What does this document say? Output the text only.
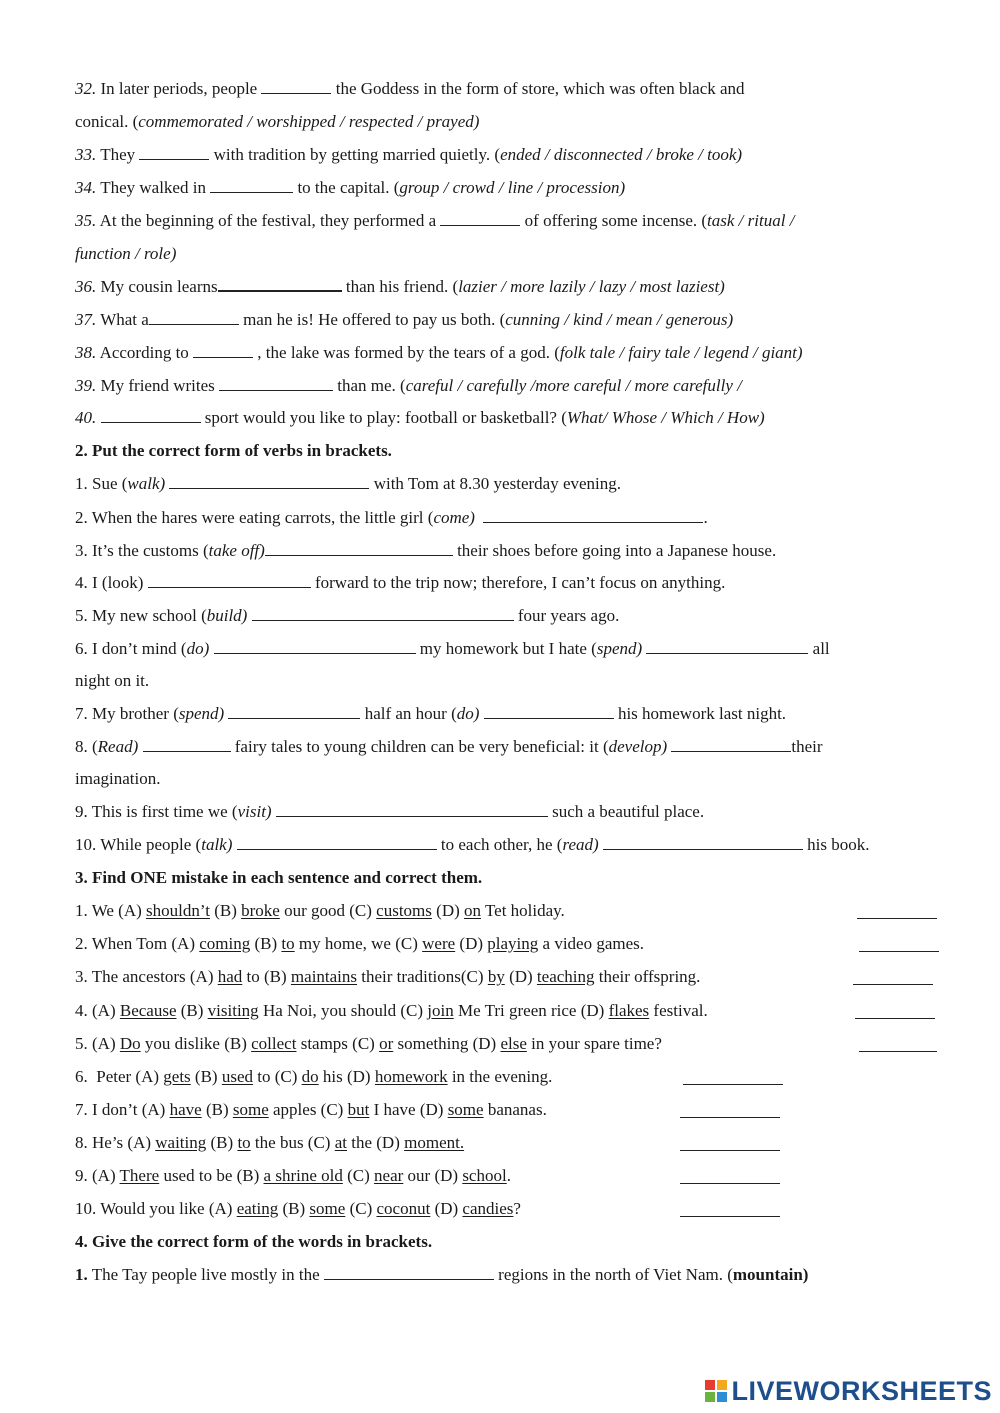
32. In later periods, people	the Goddess in the form of store, which was often black and
conical. (commemorated / worshipped / respected / prayed)
33. They	with tradition by getting married quietly. (ended / disconnected / broke / took)
34. They walked in	to the capital. (group / crowd / line / procession)
35. At the beginning of the festival, they performed a	of offering some incense. (task / ritual /
function / role)
36. My cousin learns	than his friend. (lazier / more lazily / lazy / most laziest)
37. What a	man he is! He offered to pay us both. (cunning / kind / mean / generous)
38. According to	, the lake was formed by the tears of a god. (folk tale / fairy tale / legend / giant)
39. My friend writes	than me. (careful / carefully /more careful / more carefully /
40.	sport would you like to play: football or basketball? (What/ Whose / Which / How)
2. Put the correct form of verbs in brackets.
1. Sue (walk)	with Tom at 8.30 yesterday evening.
2. When the hares were eating carrots, the little girl (come)	.
3. It’s the customs (take off)	their shoes before going into a Japanese house.
4. I (look)	forward to the trip now; therefore, I can’t focus on anything.
5. My new school (build)	four years ago.
6. I don’t mind (do)	my homework but I hate (spend)	all
night on it.
7. My brother (spend)	half an hour (do)	his homework last night.
8. (Read)	fairy tales to young children can be very beneficial: it (develop)	their
imagination.
9. This is first time we (visit)	such a beautiful place.
10. While people (talk)	to each other, he (read)	his book.
3. Find ONE mistake in each sentence and correct them.
1. We (A) shouldn’t (B) broke our good (C) customs (D) on Tet holiday.
2. When Tom (A) coming (B) to my home, we (C) were (D) playing a video games.
3. The ancestors (A) had to (B) maintains their traditions(C) by (D) teaching their offspring.
4. (A) Because (B) visiting Ha Noi, you should (C) join Me Tri green rice (D) flakes festival.
5. (A) Do you dislike (B) collect stamps (C) or something (D) else in your spare time?
6.  Peter (A) gets (B) used to (C) do his (D) homework in the evening.
7. I don’t (A) have (B) some apples (C) but I have (D) some bananas.
8. He’s (A) waiting (B) to the bus (C) at the (D) moment.
9. (A) There used to be (B) a shrine old (C) near our (D) school.
10. Would you like (A) eating (B) some (C) coconut (D) candies?
4. Give the correct form of the words in brackets.
1. The Tay people live mostly in the	regions in the north of Viet Nam. (mountain)
LIVEWORKSHEETS
